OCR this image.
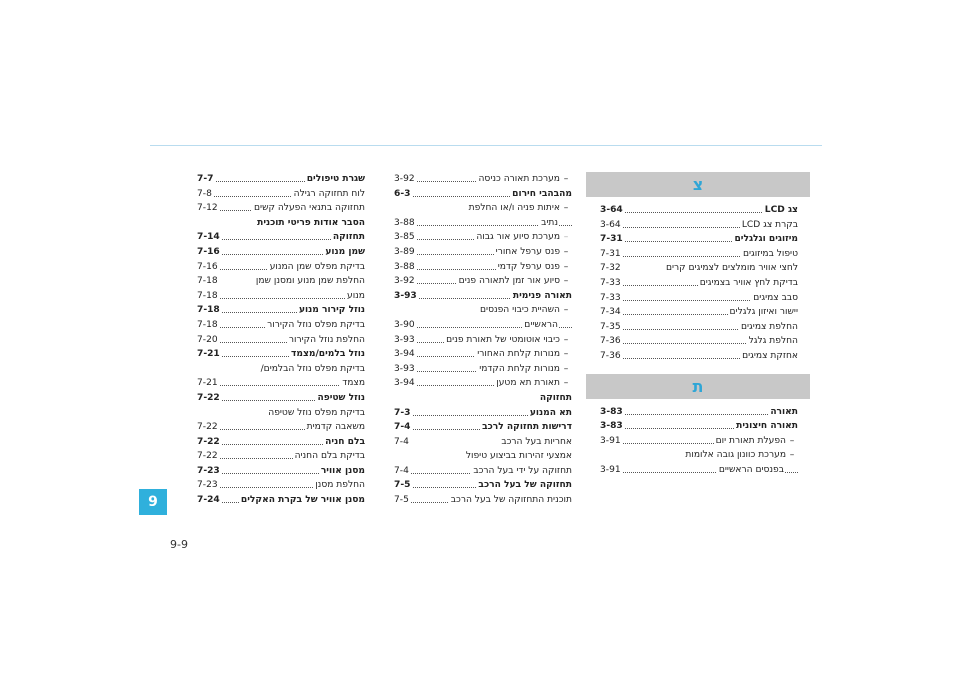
צ
צג LCD
3-64
בקרת צג LCD
3-64
מיזוגים וגלגלים
7-31
טיפול במיזוגים
7-31
לחצי אוויר מומלצים לצמיגים קרים
7-32
בדיקת לחץ אוויר בצמיגים
7-33
סבב צמיגים
7-33
יישור ואיזון גלגלים
7-34
החלפת צמיגים
7-35
החלפת גלגל
7-36
אחזקת צמיגים
7-36
ת
תאורה
3-83
תאורה חיצונית
3-83
–הפעלת תאורת יום
3-91
–מערכת כוונון גובה אלומות
בפנסים הראשיים
3-91
–מערכת תאורה כניסה
3-92
מהבהבי חירום
6-3
–איתות פניה ו/או החלפת
נתיב
3-88
–מערכת סיוע אור גבוה
3-85
–פנס ערפל אחורי
3-89
–פנס ערפל קדמי
3-88
–סיוע אור זמן לתאורה פנים
3-92
תאורה פנימית
3-93
–השהיית כיבוי הפנסים
הראשיים
3-90
–כיבוי אוטומטי של תאורת פנים
3-93
–מנורות קלחת האחורי
3-94
–מנורות קלחת הקדמי
3-93
–תאורת תא מטען
3-94
תחזוקה
תא המנוע
7-3
דרישות תחזוקה לרכב
7-4
אחריות בעל הרכב
7-4
אמצעי זהירות בביצוע טיפול
תחזוקה על ידי בעל הרכב
7-4
תחזוקה של בעל הרכב
7-5
תוכנית התחזוקה של בעל הרכב
7-5
שגרת טיפולים
7-7
לוח תחזוקה רגילה
7-8
תחזוקה בתנאי הפעלה קשים
7-12
הסבר אודות פריטי תוכנית
תחזוקה
7-14
שמן מנוע
7-16
בדיקת מפלס שמן המנוע
7-16
החלפת שמן מנוע ומסנן שמן
7-18
מנוע
7-18
נוזל קירור מנוע
7-18
בדיקת מפלס נוזל הקירור
7-18
החלפת נוזל הקירור
7-20
נוזל בלמים/מצמד
7-21
בדיקת מפלס נוזל הבלמים/
מצמד
7-21
נוזל שטיפה
7-22
בדיקת מפלס נוזל שטיפה
משאבה קדמית
7-22
בלם חניה
7-22
בדיקת בלם החניה
7-22
מסנן אוויר
7-23
החלפת מסנן
7-23
מסנן אוויר של בקרת האקלים
7-24
9
9-9
